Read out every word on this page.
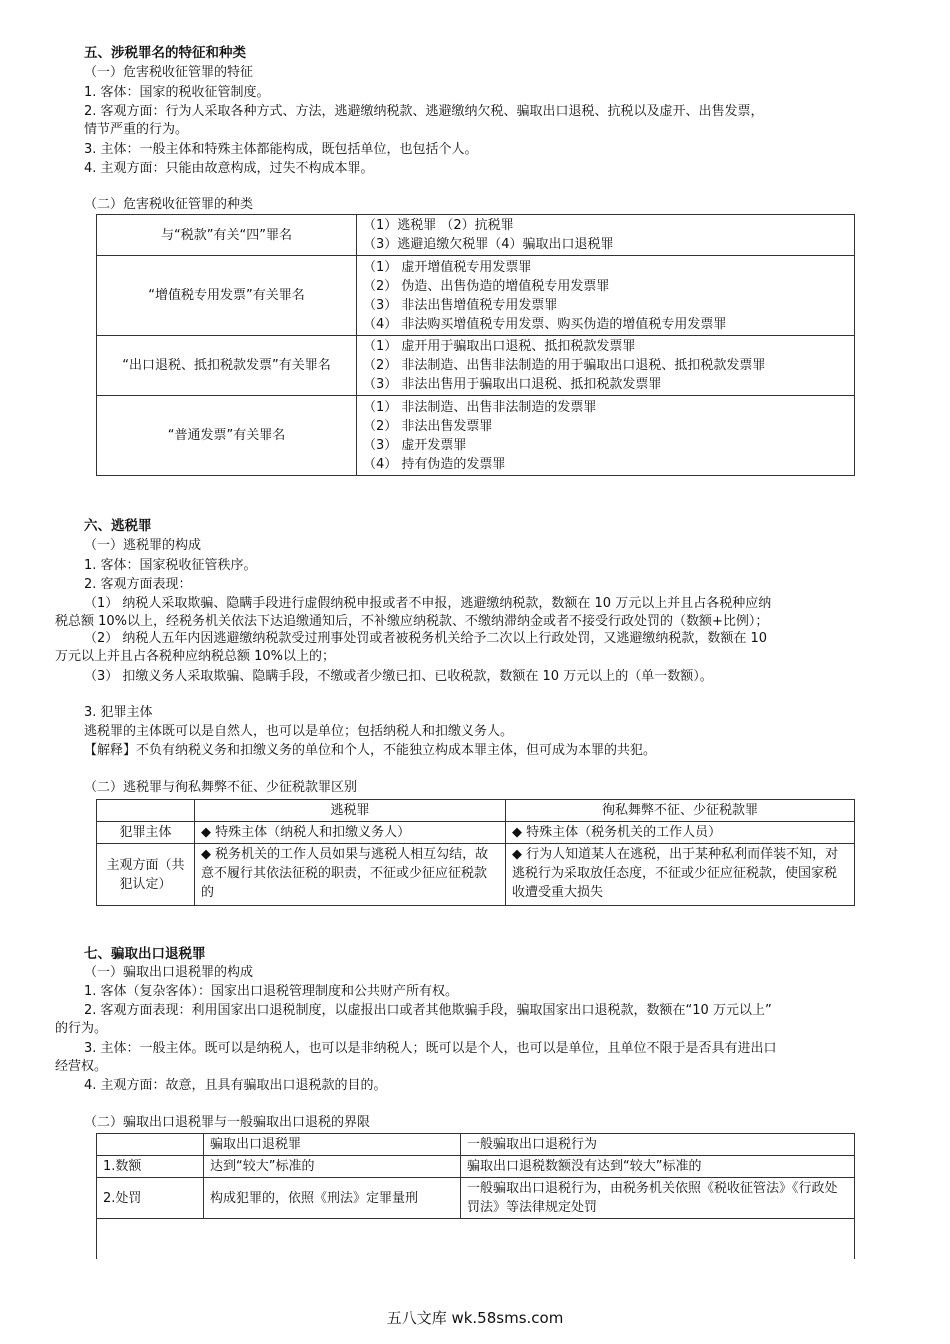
五、涉税罪名的特征和种类
（一）危害税收征管罪的特征
1. 客体：国家的税收征管制度。
2. 客观方面：行为人采取各种方式、方法，逃避缴纳税款、逃避缴纳欠税、骗取出口退税、抗税以及虚开、出售发票，
情节严重的行为。
3. 主体：一般主体和特殊主体都能构成，既包括单位，也包括个人。
4. 主观方面：只能由故意构成，过失不构成本罪。
（二）危害税收征管罪的种类
与“税款”有关“四”罪名	（1）逃税罪 （2）抗税罪
（3）逃避追缴欠税罪（4）骗取出口退税罪

“增值税专用发票”有关罪名	（1） 虚开增值税专用发票罪
（2） 伪造、出售伪造的增值税专用发票罪
（3） 非法出售增值税专用发票罪
（4） 非法购买增值税专用发票、购买伪造的增值税专用发票罪

“出口退税、抵扣税款发票”有关罪名	（1） 虚开用于骗取出口退税、抵扣税款发票罪
（2） 非法制造、出售非法制造的用于骗取出口退税、抵扣税款发票罪
（3） 非法出售用于骗取出口退税、抵扣税款发票罪

“普通发票”有关罪名	（1） 非法制造、出售非法制造的发票罪
（2） 非法出售发票罪
（3） 虚开发票罪
（4） 持有伪造的发票罪
六、逃税罪
（一）逃税罪的构成
1. 客体：国家税收征管秩序。
2. 客观方面表现：
（1） 纳税人采取欺骗、隐瞒手段进行虚假纳税申报或者不申报，逃避缴纳税款，数额在 10 万元以上并且占各税种应纳
税总额 10%以上，经税务机关依法下达追缴通知后，不补缴应纳税款、不缴纳滞纳金或者不接受行政处罚的（数额+比例）；
（2） 纳税人五年内因逃避缴纳税款受过刑事处罚或者被税务机关给予二次以上行政处罚，又逃避缴纳税款，数额在 10
万元以上并且占各税种应纳税总额 10%以上的；
（3） 扣缴义务人采取欺骗、隐瞒手段，不缴或者少缴已扣、已收税款，数额在 10 万元以上的（单一数额）。
3. 犯罪主体
逃税罪的主体既可以是自然人，也可以是单位；包括纳税人和扣缴义务人。
【解释】不负有纳税义务和扣缴义务的单位和个人，不能独立构成本罪主体，但可成为本罪的共犯。
（二）逃税罪与徇私舞弊不征、少征税款罪区别
	逃税罪	徇私舞弊不征、少征税款罪
犯罪主体	◆ 特殊主体（纳税人和扣缴义务人）	◆ 特殊主体（税务机关的工作人员）
主观方面（共犯认定）	◆ 税务机关的工作人员如果与逃税人相互勾结，故意不履行其依法征税的职责，不征或少征应征税款的	◆ 行为人知道某人在逃税，出于某种私利而佯装不知，对逃税行为采取放任态度，不征或少征应征税款，使国家税收遭受重大损失
七、骗取出口退税罪
（一）骗取出口退税罪的构成
1. 客体（复杂客体）：国家出口退税管理制度和公共财产所有权。
2. 客观方面表现：利用国家出口退税制度，以虚报出口或者其他欺骗手段，骗取国家出口退税款，数额在“10 万元以上”
的行为。
3. 主体：一般主体。既可以是纳税人，也可以是非纳税人；既可以是个人，也可以是单位，且单位不限于是否具有进出口
经营权。
4. 主观方面：故意，且具有骗取出口退税款的目的。
（二）骗取出口退税罪与一般骗取出口退税的界限
	骗取出口退税罪	一般骗取出口退税行为
1.数额	达到“较大”标准的	骗取出口退税数额没有达到“较大”标准的
2.处罚	构成犯罪的，依照《刑法》定罪量刑	一般骗取出口退税行为，由税务机关依照《税收征管法》《行政处罚法》等法律规定处罚

五八文库 wk.58sms.com
